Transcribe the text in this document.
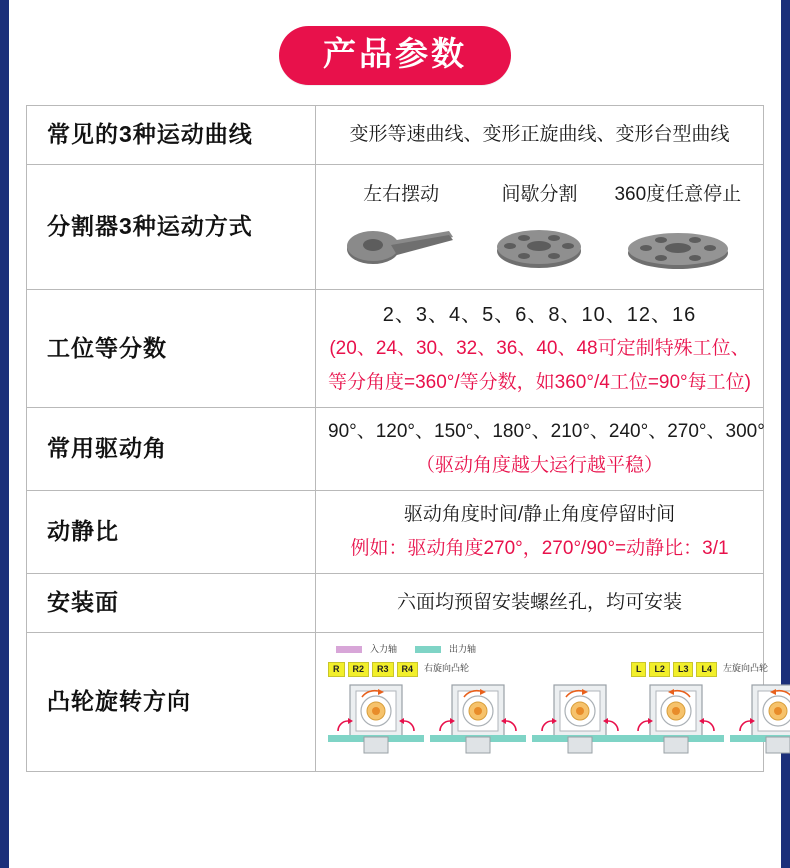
产品参数
常见的3种运动曲线	变形等速曲线、变形正旋曲线、变形台型曲线

分割器3种运动方式	左右摆动 间歇分割 360度任意停止

工位等分数	2、3、4、5、6、8、10、12、16
(20、24、30、32、36、40、48可定制特殊工位、
等分角度=360°/等分数，如360°/4工位=90°每工位)

常用驱动角	90°、120°、150°、180°、210°、240°、270°、300°
（驱动角度越大运行越平稳）

动静比	驱动角度时间/静止角度停留时间
例如：驱动角度270°，270°/90°=动静比：3/1

安装面	六面均预留安装螺丝孔，均可安装

凸轮旋转方向	
入力轴	出力轴
R	R2	R3	R4	右旋向凸轮	L	L2	L3	L4	左旋向凸轮
